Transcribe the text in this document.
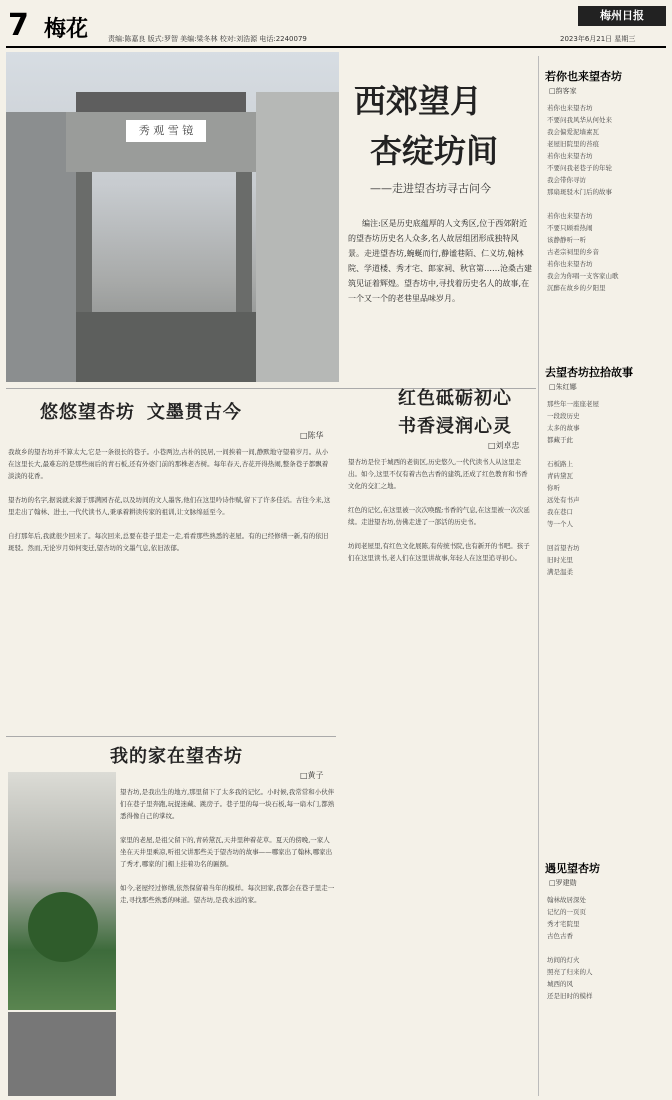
7 梅花	责编:陈嘉良 版式:罗智 美编:梁冬林 校对:刘浩源 电话:2240079
梅州日报
2023年6月21日 星期三
秀 观 雪 镜
西郊望月
杏绽坊间
——走进望杏坊寻古问今
编注:区是历史底蕴厚的人文秀区,位于西郊附近的望杏坊历史名人众多,名人故居组团形成独特风景。走进望杏坊,蜿蜒而行,静谧巷陌、仁义坊,翰林院、学道楼、秀才宅、郎家祠、秋官第……沧桑古建筑见证着辉煌。望杏坊中,寻找着历史名人的故事,在一个又一个的老巷里品味岁月。
若你也来望杏坊
□韵客家
若你也来望杏坊
不要问我风华从何处来
我会偏爱泥墙素瓦
老屋旧院里的苔痕
若你也来望杏坊
不要问我老巷子的年轮
我会带你寻访
那扇斑驳木门后的故事

若你也来望杏坊
不要只顾看热闹
该静静听一听
古老宗祠里的乡音
若你也来望杏坊
我会为你唱一支客家山歌
沉醉在故乡的夕阳里
去望杏坊拉拾故事
□朱红娜
那些年一座座老屋
一段段历史
太多的故事
都藏于此

石板路上
青砖黛瓦
你听
远处有书声
我在巷口
等一个人

回首望杏坊
旧时光里
满是温柔
遇见望杏坊
□罗建勋
翰林故居深处
记忆的一页页
秀才宅院里
古色古香

坊间的灯火
照亮了归来的人
城西的风
还是旧时的模样
悠悠望杏坊 文墨贯古今
□陈华
我故乡的望杏坊并不算太大,它是一条很长的巷子。小巷两边,古朴的民居,一间挨着一间,静默地守望着岁月。从小在这里长大,最难忘的是那些雨后的青石板,还有外婆门前的那株老杏树。每年春天,杏花开得热闹,整条巷子都飘着淡淡的花香。

望杏坊的名字,据说就来源于那满园杏花,以及坊间的文人墨客,他们在这里吟诗作赋,留下了许多佳话。古往今来,这里走出了翰林、进士,一代代读书人,秉承着耕读传家的祖训,让文脉绵延至今。

自打那年后,我就很少回来了。每次回来,总要在巷子里走一走,看看那些熟悉的老屋。有的已经修缮一新,有的依旧斑驳。然而,无论岁月如何变迁,望杏坊的文墨气息,依旧浓郁。
红色砥砺初心
书香浸润心灵
□刘卓忠
望杏坊是位于城西的老街区,历史悠久,一代代读书人从这里走出。如今,这里不仅有着古色古香的建筑,还成了红色教育和书香文化的交汇之地。

红色的记忆,在这里被一次次唤醒;书香的气息,在这里被一次次延续。走进望杏坊,仿佛走进了一部活的历史书。

坊间老屋里,有红色文化展陈,有传统书院,也有新开的书吧。孩子们在这里读书,老人们在这里讲故事,年轻人在这里追寻初心。
我的家在望杏坊
□黄子
望杏坊,是我出生的地方,那里留下了太多我的记忆。小时候,我常常和小伙伴们在巷子里奔跑,玩捉迷藏、跳房子。巷子里的每一块石板,每一扇木门,都熟悉得像自己的掌纹。

家里的老屋,是祖父留下的,青砖黛瓦,天井里种着花草。夏天的傍晚,一家人坐在天井里乘凉,听祖父讲那些关于望杏坊的故事——哪家出了翰林,哪家出了秀才,哪家的门楣上挂着功名的匾额。

如今,老屋经过修缮,依然保留着当年的模样。每次回家,我都会在巷子里走一走,寻找那些熟悉的味道。望杏坊,是我永远的家。
